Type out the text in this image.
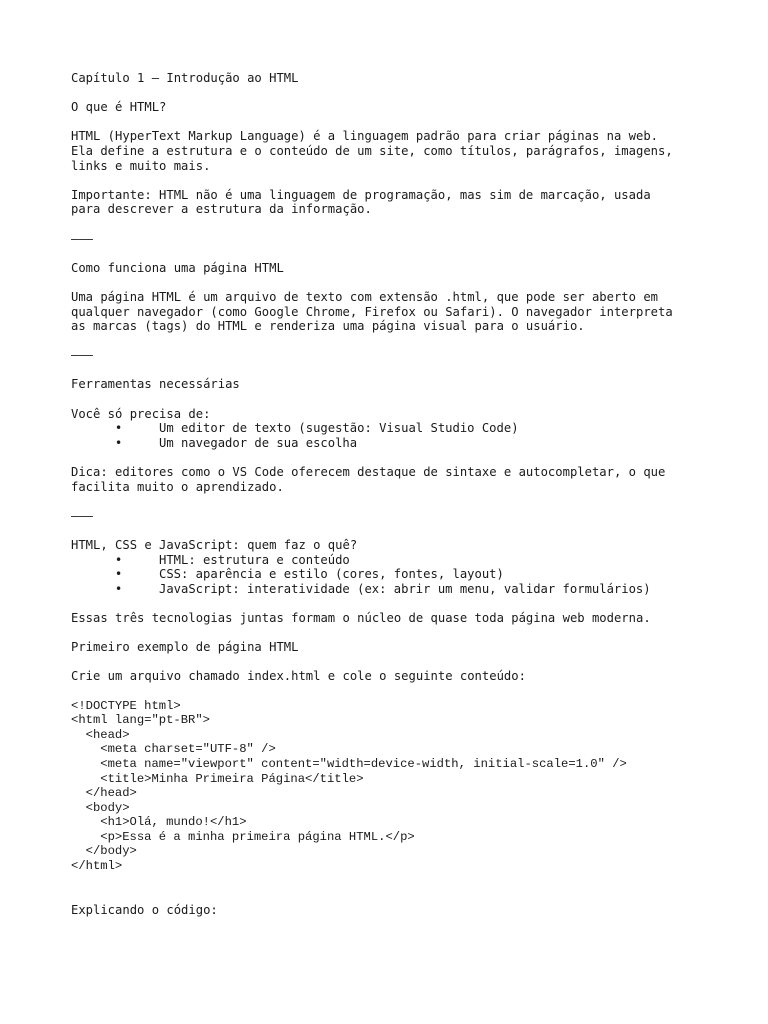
Capítulo 1 — Introdução ao HTML
O que é HTML?
HTML (HyperText Markup Language) é a linguagem padrão para criar páginas na web.
Ela define a estrutura e o conteúdo de um site, como títulos, parágrafos, imagens,
links e muito mais.
Importante: HTML não é uma linguagem de programação, mas sim de marcação, usada
para descrever a estrutura da informação.
———
Como funciona uma página HTML
Uma página HTML é um arquivo de texto com extensão .html, que pode ser aberto em
qualquer navegador (como Google Chrome, Firefox ou Safari). O navegador interpreta
as marcas (tags) do HTML e renderiza uma página visual para o usuário.
———
Ferramentas necessárias
Você só precisa de:
•	Um editor de texto (sugestão: Visual Studio Code)
•	Um navegador de sua escolha
Dica: editores como o VS Code oferecem destaque de sintaxe e autocompletar, o que
facilita muito o aprendizado.
———
HTML, CSS e JavaScript: quem faz o quê?
•	HTML: estrutura e conteúdo
•	CSS: aparência e estilo (cores, fontes, layout)
•	JavaScript: interatividade (ex: abrir um menu, validar formulários)
Essas três tecnologias juntas formam o núcleo de quase toda página web moderna.
Primeiro exemplo de página HTML
Crie um arquivo chamado index.html e cole o seguinte conteúdo:
<!DOCTYPE html>
<html lang="pt-BR">
<head>
<meta charset="UTF-8" />
<meta name="viewport" content="width=device-width, initial-scale=1.0" />
<title>Minha Primeira Página</title>
</head>
<body>
<h1>Olá, mundo!</h1>
<p>Essa é a minha primeira página HTML.</p>
</body>
</html>
Explicando o código:
